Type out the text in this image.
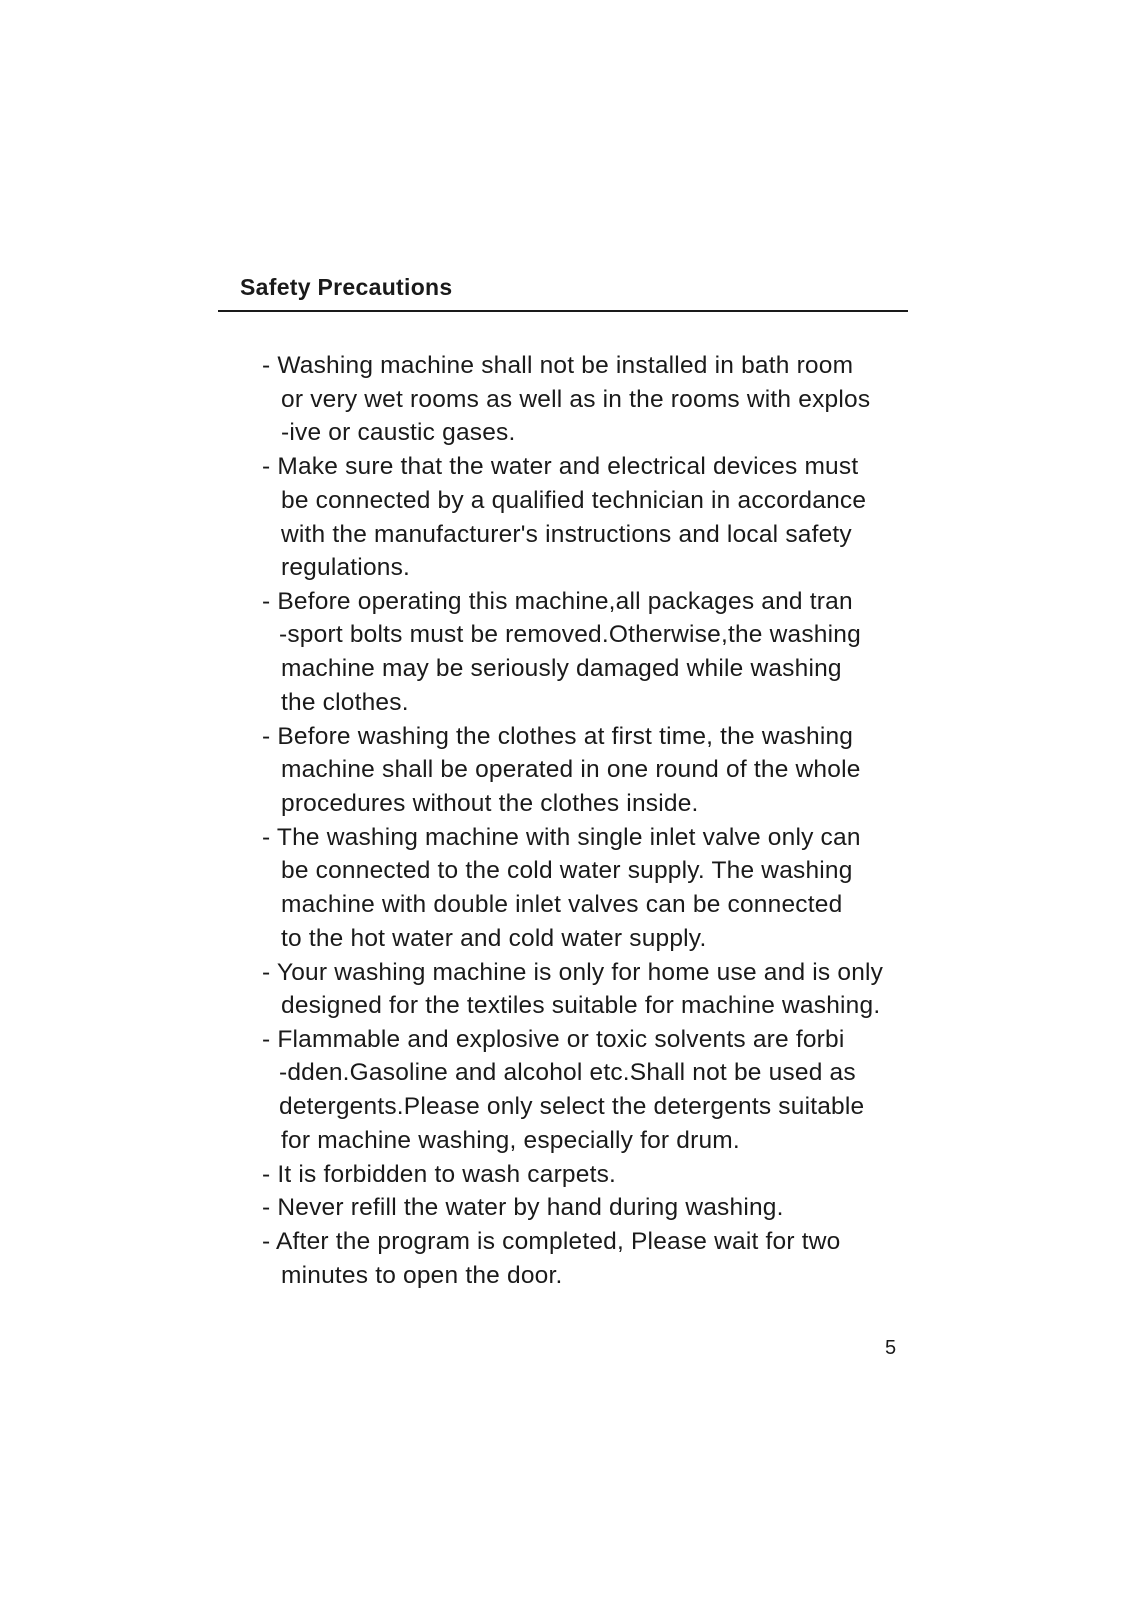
Safety Precautions
- Washing machine shall not be installed in bath room
or very wet rooms as well as in the rooms with explos
-ive or caustic gases.
- Make sure that the water and electrical devices must
be connected by a qualified technician in accordance
with the manufacturer's instructions and local safety
regulations.
- Before operating this machine,all packages and tran
-sport bolts must be removed.Otherwise,the washing
machine may be seriously damaged while washing
the clothes.
- Before washing the clothes at first time, the washing
machine shall be operated in one round of the whole
procedures without the clothes inside.
- The washing machine with single inlet valve only can
be connected to the cold water supply. The washing
machine with double inlet valves can be connected
to the hot water and cold water supply.
- Your washing machine is only for home use and is only
designed for the textiles suitable for machine washing.
- Flammable and explosive or toxic solvents are forbi
-dden.Gasoline and alcohol etc.Shall not be used as
detergents.Please only select the detergents suitable
for machine washing, especially for drum.
- It is forbidden to wash carpets.
- Never refill the water by hand during washing.
- After the program is completed, Please wait for two
minutes to open the door.
5
